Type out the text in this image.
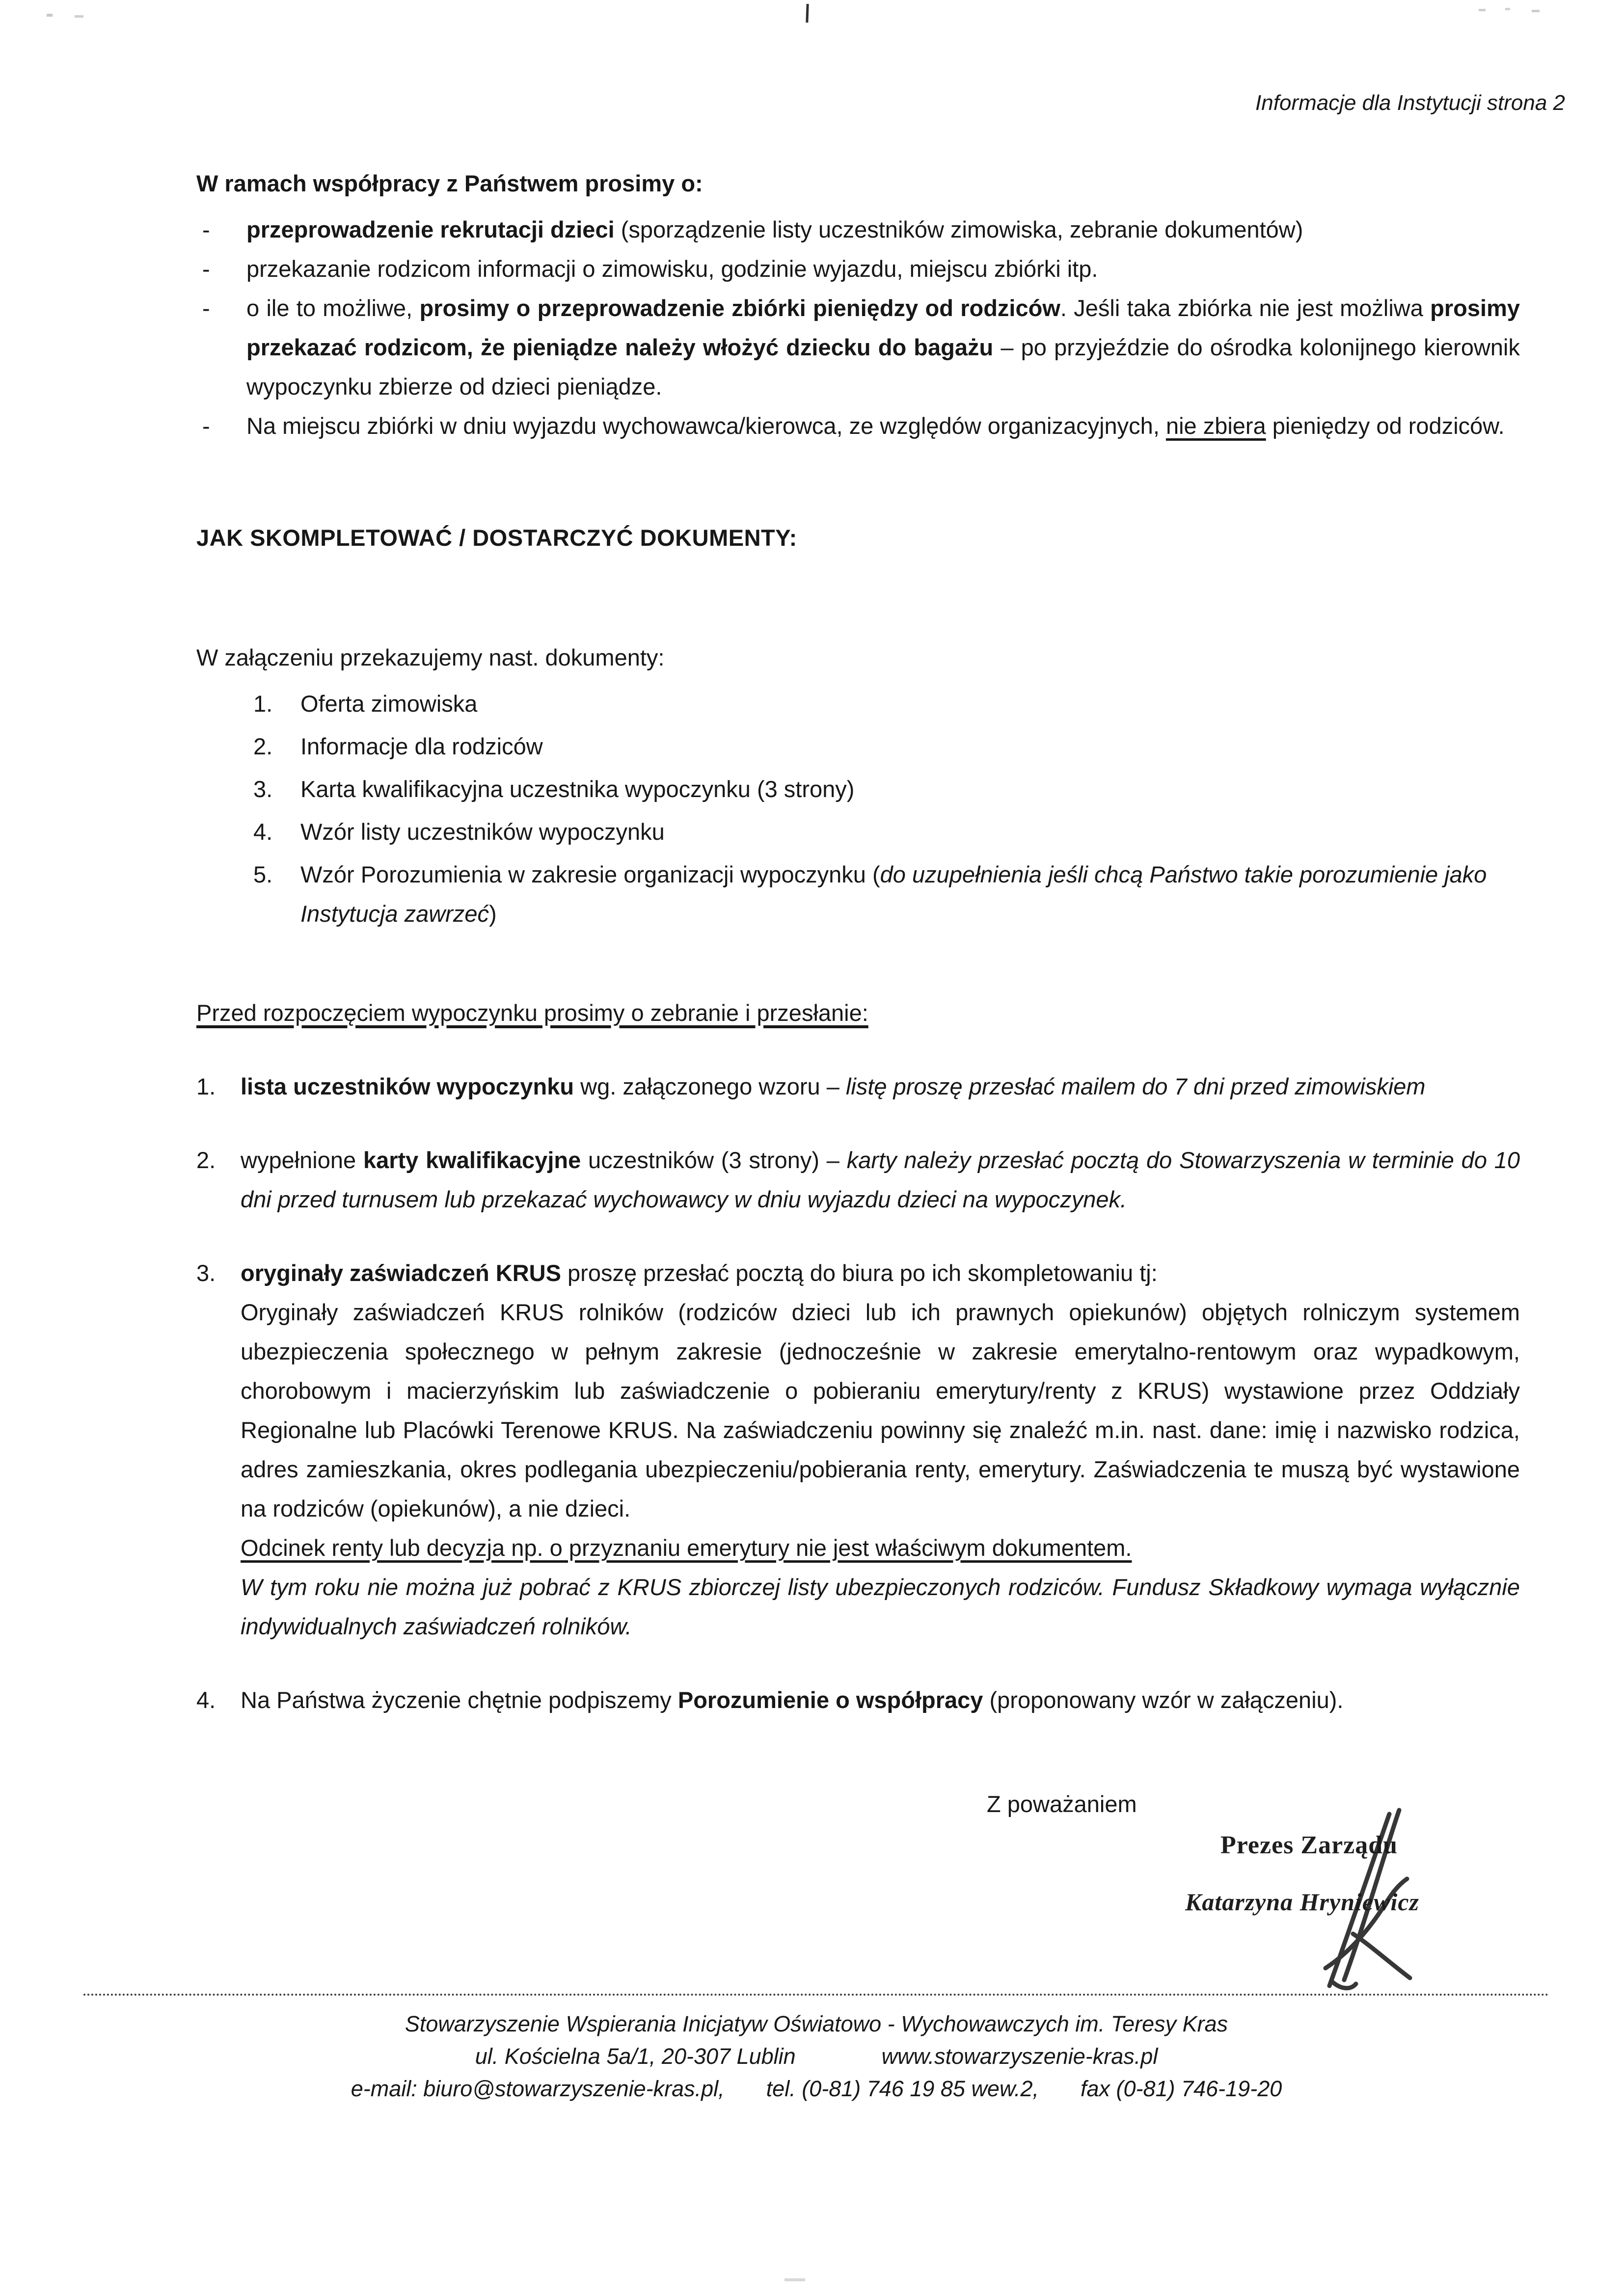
Informacje dla Instytucji strona 2
W ramach współpracy z Państwem prosimy o:
-	przeprowadzenie rekrutacji dzieci (sporządzenie listy uczestników zimowiska, zebranie dokumentów)
-	przekazanie rodzicom informacji o zimowisku, godzinie wyjazdu, miejscu zbiórki itp.
-	o ile to możliwe, prosimy o przeprowadzenie zbiórki pieniędzy od rodziców. Jeśli taka zbiórka nie jest możliwa prosimy przekazać rodzicom, że pieniądze należy włożyć dziecku do bagażu – po przyjeździe do ośrodka kolonijnego kierownik wypoczynku zbierze od dzieci pieniądze.
-	Na miejscu zbiórki w dniu wyjazdu wychowawca/kierowca, ze względów organizacyjnych, nie zbiera pieniędzy od rodziców.
JAK SKOMPLETOWAĆ / DOSTARCZYĆ DOKUMENTY:
W załączeniu przekazujemy nast. dokumenty:
1.	Oferta zimowiska
2.	Informacje dla rodziców
3.	Karta kwalifikacyjna uczestnika wypoczynku (3 strony)
4.	Wzór listy uczestników wypoczynku
5.	Wzór Porozumienia w zakresie organizacji wypoczynku (do uzupełnienia jeśli chcą Państwo takie porozumienie jako Instytucja zawrzeć)
Przed rozpoczęciem wypoczynku prosimy o zebranie i przesłanie:
1.	lista uczestników wypoczynku wg. załączonego wzoru – listę proszę przesłać mailem do 7 dni przed zimowiskiem
2.	wypełnione karty kwalifikacyjne uczestników (3 strony) – karty należy przesłać pocztą do Stowarzyszenia w terminie do 10 dni przed turnusem lub przekazać wychowawcy w dniu wyjazdu dzieci na wypoczynek.
3.	oryginały zaświadczeń KRUS proszę przesłać pocztą do biura po ich skompletowaniu tj:
Oryginały zaświadczeń KRUS rolników (rodziców dzieci lub ich prawnych opiekunów) objętych rolniczym systemem ubezpieczenia społecznego w pełnym zakresie (jednocześnie w zakresie emerytalno-rentowym oraz wypadkowym, chorobowym i macierzyńskim lub zaświadczenie o pobieraniu emerytury/renty z KRUS) wystawione przez Oddziały Regionalne lub Placówki Terenowe KRUS. Na zaświadczeniu powinny się znaleźć m.in. nast. dane: imię i nazwisko rodzica, adres zamieszkania, okres podlegania ubezpieczeniu/pobierania renty, emerytury. Zaświadczenia te muszą być wystawione na rodziców (opiekunów), a nie dzieci.
Odcinek renty lub decyzja np. o przyznaniu emerytury nie jest właściwym dokumentem.
W tym roku nie można już pobrać z KRUS zbiorczej listy ubezpieczonych rodziców. Fundusz Składkowy wymaga wyłącznie indywidualnych zaświadczeń rolników.
4.	Na Państwa życzenie chętnie podpiszemy Porozumienie o współpracy (proponowany wzór w załączeniu).
Z poważaniem
Prezes Zarządu
Katarzyna Hryniewicz
Stowarzyszenie Wspierania Inicjatyw Oświatowo - Wychowawczych im. Teresy Kras
ul. Kościelna 5a/1, 20-307 Lublin	www.stowarzyszenie-kras.pl
e-mail: biuro@stowarzyszenie-kras.pl, tel. (0-81) 746 19 85 wew.2, fax (0-81) 746-19-20
